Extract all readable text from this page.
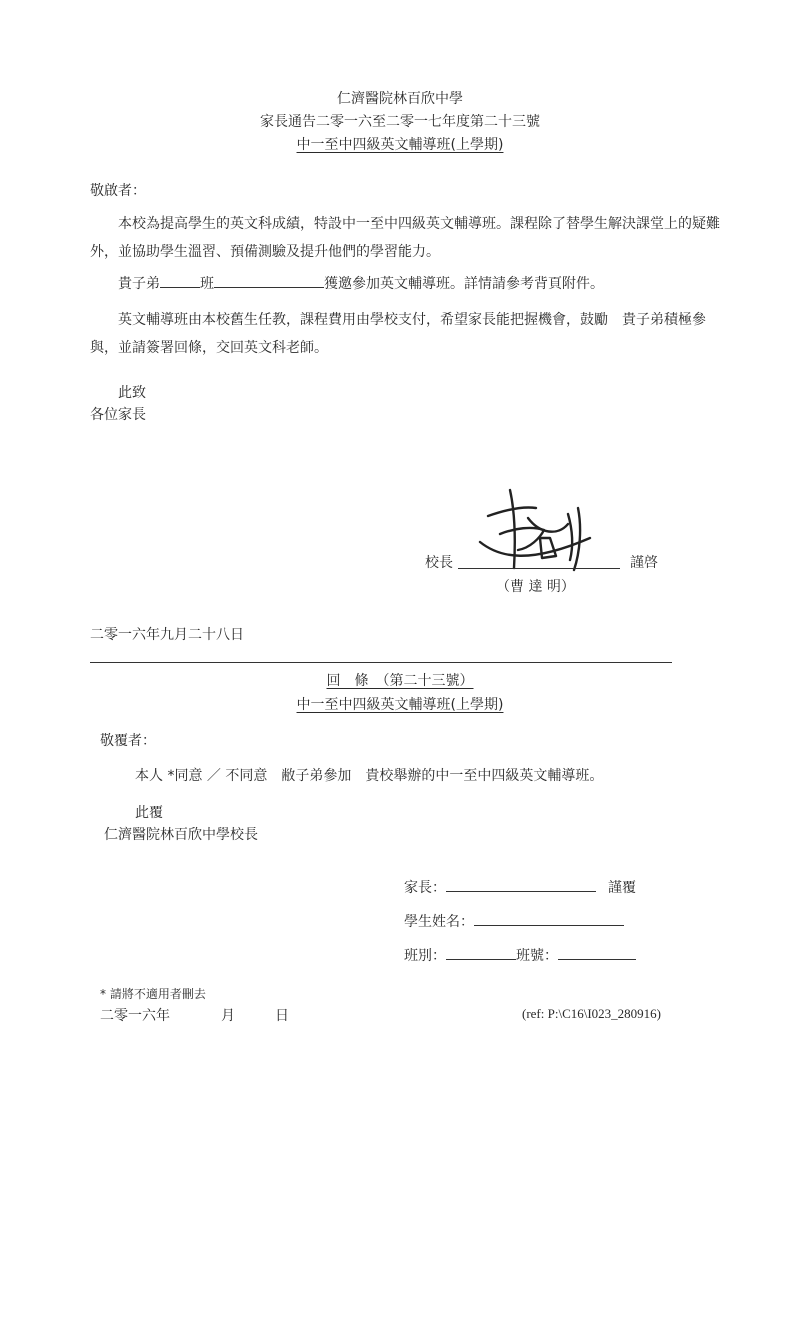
仁濟醫院林百欣中學
家長通告二零一六至二零一七年度第二十三號
中一至中四級英文輔導班(上學期)
敬啟者：
本校為提高學生的英文科成績，特設中一至中四級英文輔導班。課程除了替學生解決課堂上的疑難外，並協助學生溫習、預備測驗及提升他們的學習能力。
貴子弟	班	獲邀參加英文輔導班。詳情請參考背頁附件。
英文輔導班由本校舊生任教，課程費用由學校支付，希望家長能把握機會，鼓勵　貴子弟積極參與，並請簽署回條，交回英文科老師。
此致
各位家長
校長	謹啓
（曹 達 明）
二零一六年九月二十八日
回　條　（第二十三號）
中一至中四級英文輔導班(上學期)
敬覆者：
本人 *同意 ／ 不同意　敝子弟參加　貴校舉辦的中一至中四級英文輔導班。
此覆
仁濟醫院林百欣中學校長
家長：	謹覆
學生姓名：
班別：	班號：
* 請將不適用者刪去
二零一六年	月	日	(ref: P:\C16\I023_280916)
